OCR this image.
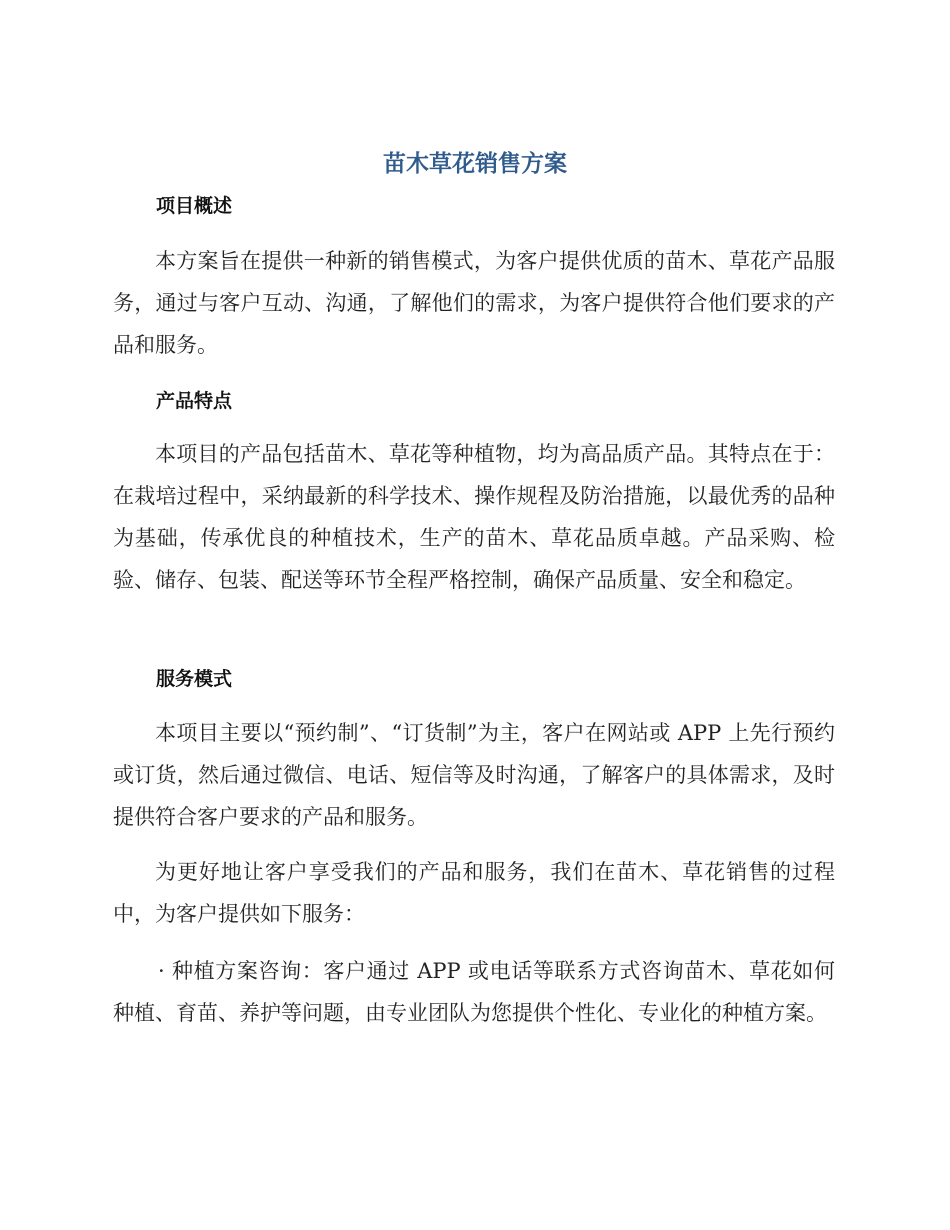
苗木草花销售方案
项目概述
本方案旨在提供一种新的销售模式，为客户提供优质的苗木、草花产品服务，通过与客户互动、沟通，了解他们的需求，为客户提供符合他们要求的产品和服务。
产品特点
本项目的产品包括苗木、草花等种植物，均为高品质产品。其特点在于：在栽培过程中，采纳最新的科学技术、操作规程及防治措施，以最优秀的品种为基础，传承优良的种植技术，生产的苗木、草花品质卓越。产品采购、检验、储存、包装、配送等环节全程严格控制，确保产品质量、安全和稳定。
服务模式
本项目主要以“预约制”、“订货制”为主，客户在网站或 APP 上先行预约或订货，然后通过微信、电话、短信等及时沟通，了解客户的具体需求，及时提供符合客户要求的产品和服务。
为更好地让客户享受我们的产品和服务，我们在苗木、草花销售的过程中，为客户提供如下服务：
· 种植方案咨询：客户通过 APP 或电话等联系方式咨询苗木、草花如何种植、育苗、养护等问题，由专业团队为您提供个性化、专业化的种植方案。
